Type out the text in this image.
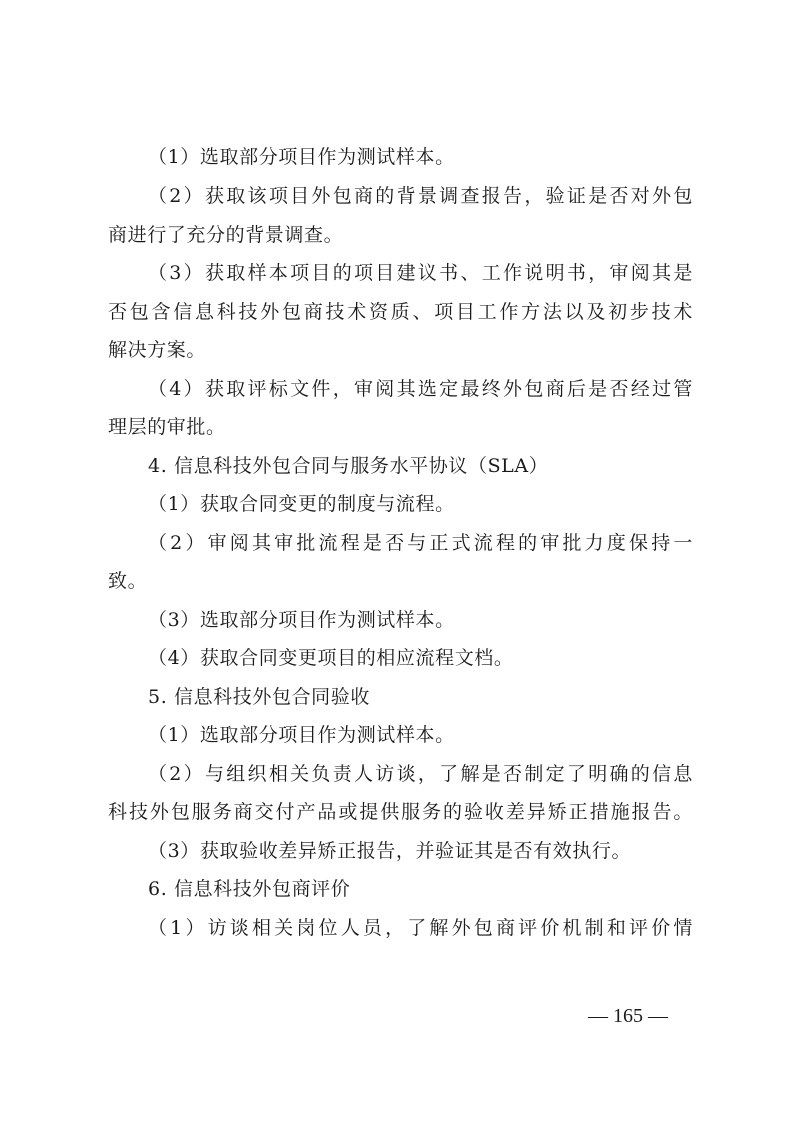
（1）选取部分项目作为测试样本。
（2）获取该项目外包商的背景调查报告，验证是否对外包
商进行了充分的背景调查。
（3）获取样本项目的项目建议书、工作说明书，审阅其是
否包含信息科技外包商技术资质、项目工作方法以及初步技术
解决方案。
（4）获取评标文件，审阅其选定最终外包商后是否经过管
理层的审批。
4. 信息科技外包合同与服务水平协议（SLA）
（1）获取合同变更的制度与流程。
（2）审阅其审批流程是否与正式流程的审批力度保持一
致。
（3）选取部分项目作为测试样本。
（4）获取合同变更项目的相应流程文档。
5. 信息科技外包合同验收
（1）选取部分项目作为测试样本。
（2）与组织相关负责人访谈，了解是否制定了明确的信息
科技外包服务商交付产品或提供服务的验收差异矫正措施报告。
（3）获取验收差异矫正报告，并验证其是否有效执行。
6. 信息科技外包商评价
（1）访谈相关岗位人员，了解外包商评价机制和评价情
— 165 —
